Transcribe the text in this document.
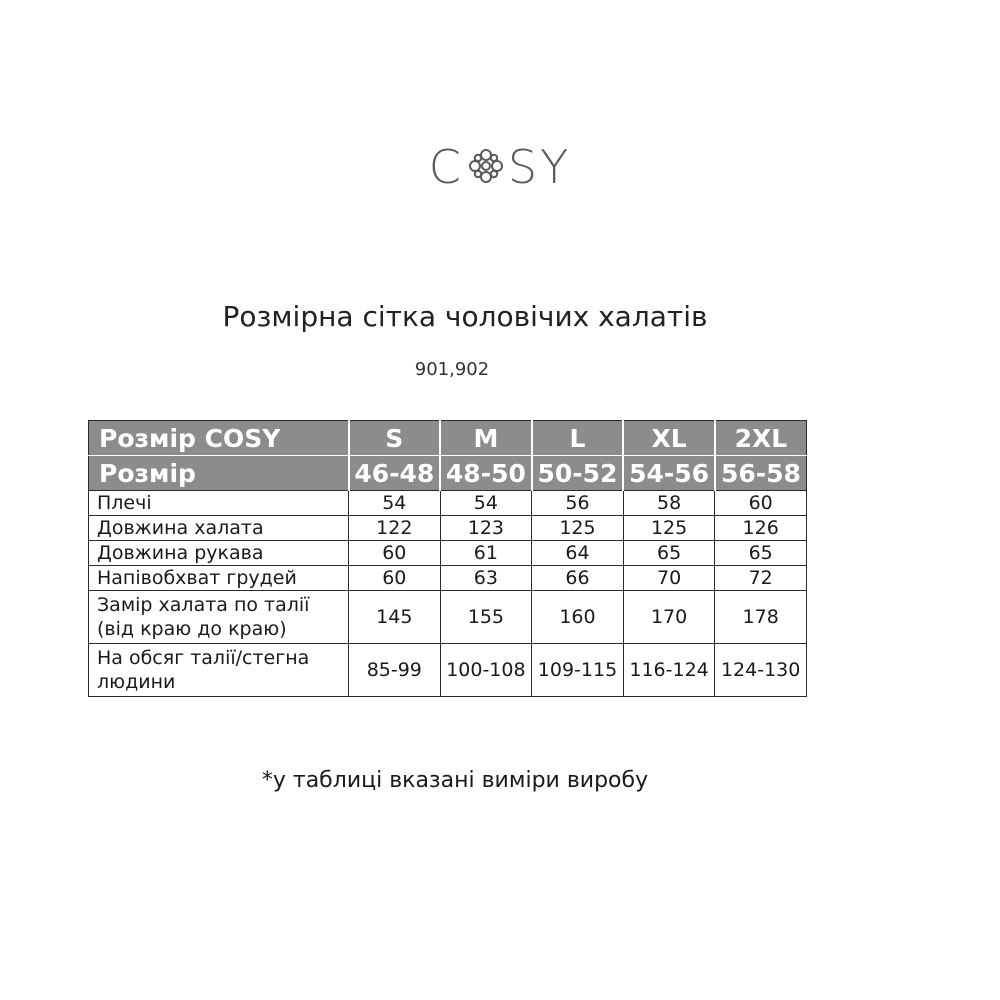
C SY
Розмірна сітка чоловічих халатів
901,902
Розмір COSY	S	M	L	XL	2XL
Розмір	46-48	48-50	50-52	54-56	56-58
Плечі	54	54	56	58	60
Довжина халата	122	123	125	125	126
Довжина рукава	60	61	64	65	65
Напівобхват грудей	60	63	66	70	72
Замір халата по талії (від краю до краю)	145	155	160	170	178
На обсяг талії/стегна людини	85-99	100-108	109-115	116-124	124-130
*у таблиці вказані виміри виробу
